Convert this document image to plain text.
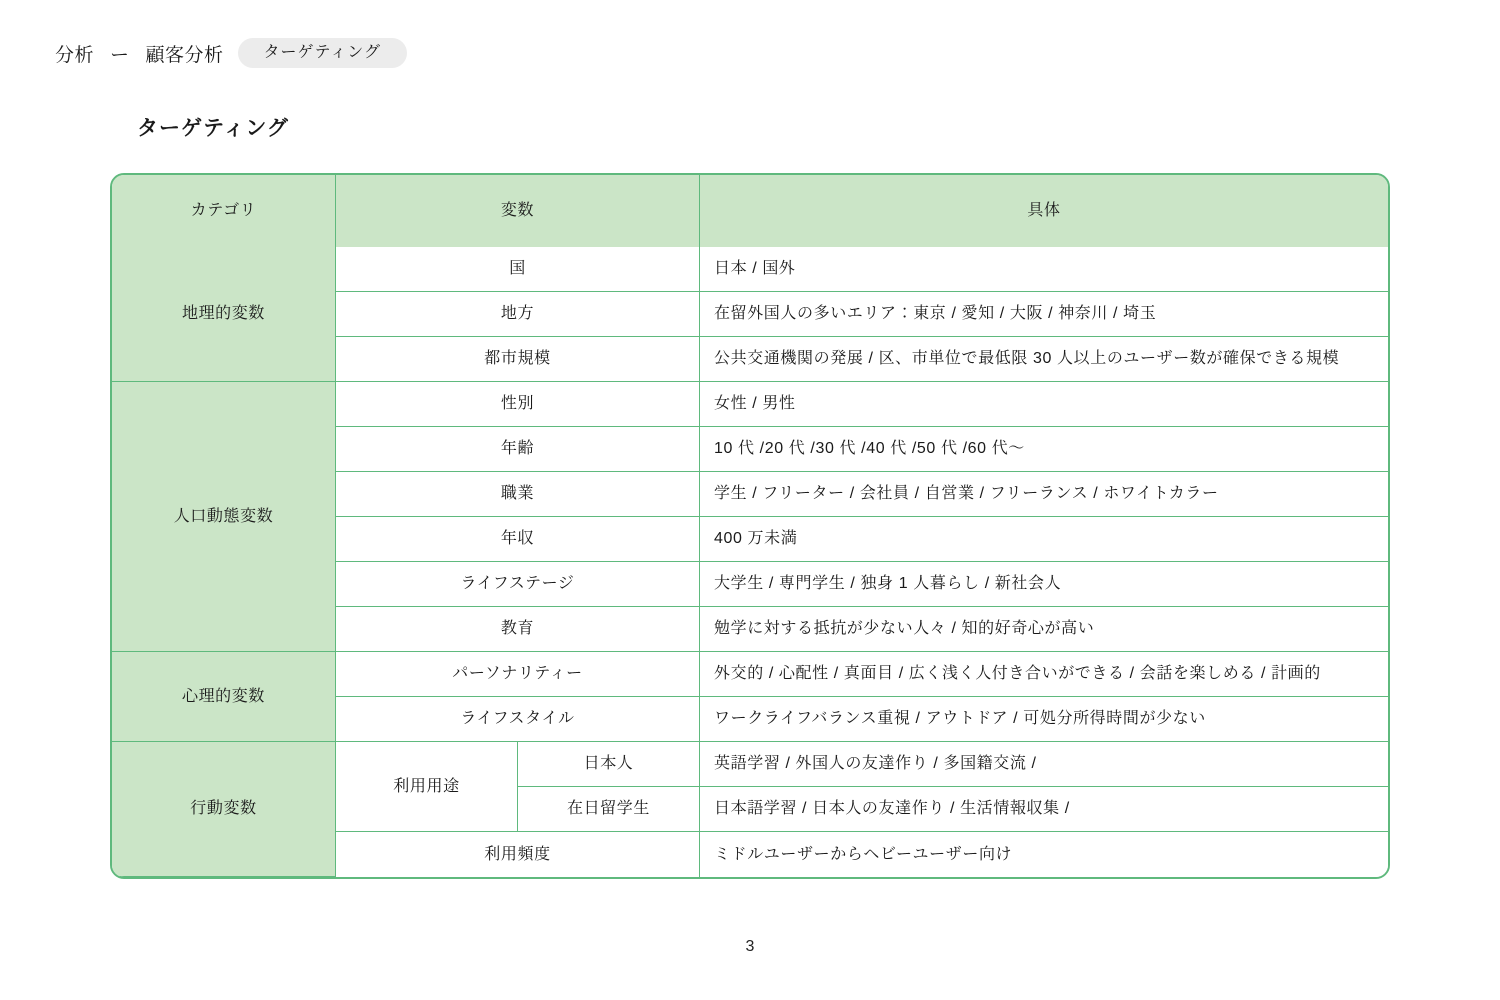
分析 ー 顧客分析	ターゲティング
ターゲティング
カテゴリ	変数		具体
地理的変数	国		日本 / 国外
	地方		在留外国人の多いエリア：東京 / 愛知 / 大阪 / 神奈川 / 埼玉
	都市規模		公共交通機関の発展 / 区、市単位で最低限 30 人以上のユーザー数が確保できる規模
人口動態変数	性別		女性 / 男性
	年齢		10 代 /20 代 /30 代 /40 代 /50 代 /60 代〜
	職業		学生 / フリーター / 会社員 / 自営業 / フリーランス / ホワイトカラー
	年収		400 万未満
	ライフステージ		大学生 / 専門学生 / 独身 1 人暮らし / 新社会人
	教育		勉学に対する抵抗が少ない人々 / 知的好奇心が高い
心理的変数	パーソナリティー		外交的 / 心配性 / 真面目 / 広く浅く人付き合いができる / 会話を楽しめる / 計画的
	ライフスタイル		ワークライフバランス重視 / アウトドア / 可処分所得時間が少ない
行動変数	利用用途	日本人	英語学習 / 外国人の友達作り / 多国籍交流 /
		在日留学生	日本語学習 / 日本人の友達作り / 生活情報収集 /
	利用頻度		ミドルユーザーからヘビーユーザー向け
3
